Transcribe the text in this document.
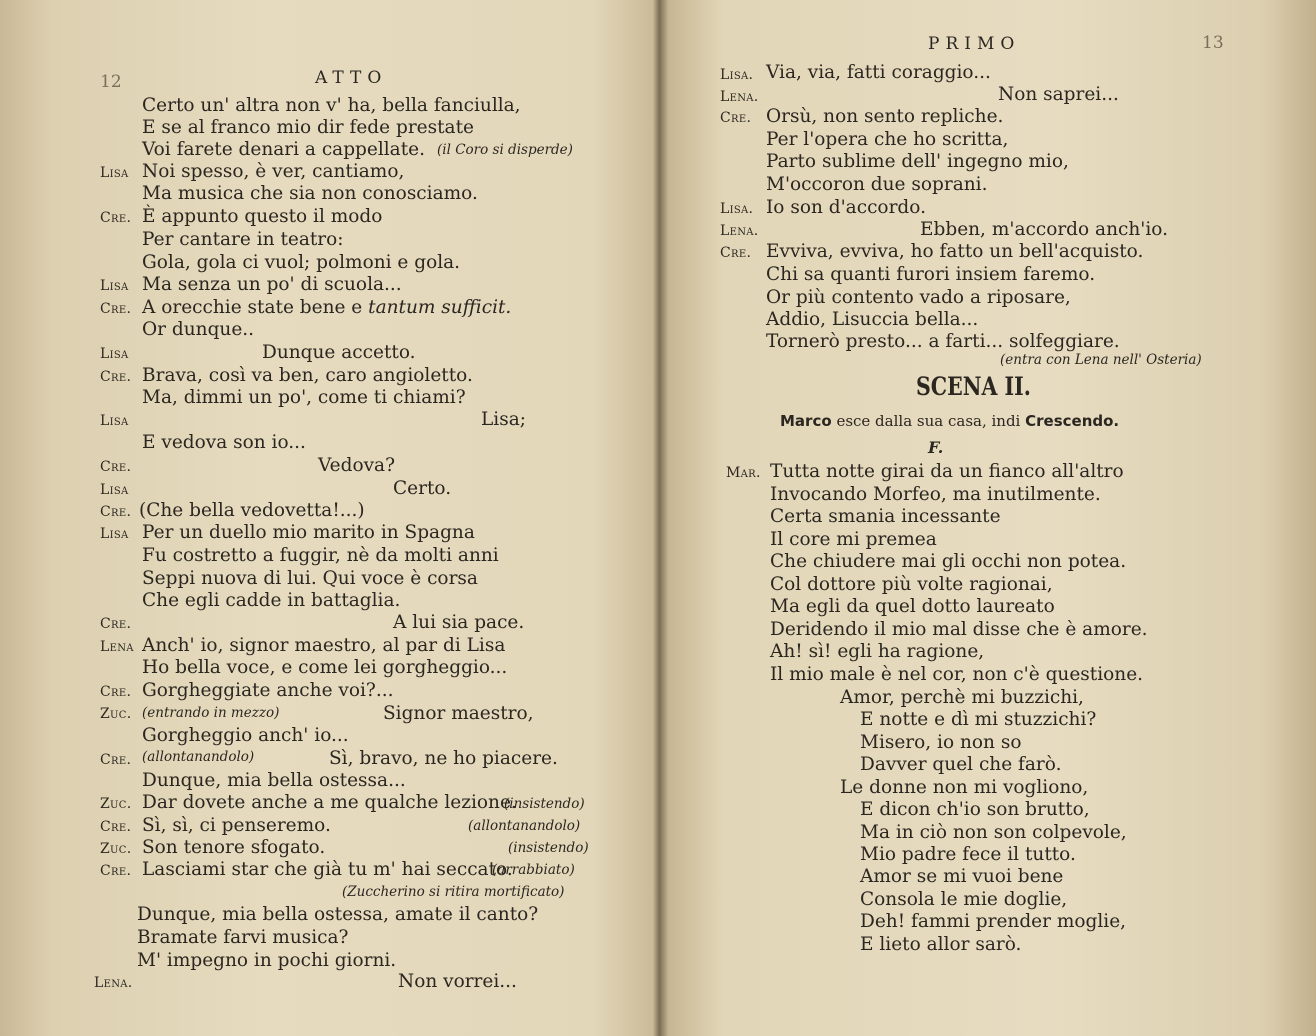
12	ATTO
Certo un' altra non v' ha, bella fanciulla,
E se al franco mio dir fede prestate
Voi farete denari a cappellate. (il Coro si disperde)
Lisa Noi spesso, è ver, cantiamo,
Ma musica che sia non conosciamo.
Cre. È appunto questo il modo
Per cantare in teatro:
Gola, gola ci vuol; polmoni e gola.
Lisa Ma senza un po' di scuola...
Cre. A orecchie state bene e tantum sufficit.
Or dunque..
Lisa	Dunque accetto.
Cre. Brava, così va ben, caro angioletto.
Ma, dimmi un po', come ti chiami?
Lisa	Lisa;
E vedova son io...
Cre.	Vedova?
Lisa	Certo.
Cre. (Che bella vedovetta!...)
Lisa Per un duello mio marito in Spagna
Fu costretto a fuggir, nè da molti anni
Seppi nuova di lui. Qui voce è corsa
Che egli cadde in battaglia.
Cre.	A lui sia pace.
Lena Anch' io, signor maestro, al par di Lisa
Ho bella voce, e come lei gorgheggio...
Cre. Gorgheggiate anche voi?...
Zuc. (entrando in mezzo)	Signor maestro,
Gorgheggio anch' io...
Cre. (allontanandolo)	Sì, bravo, ne ho piacere.
Dunque, mia bella ostessa...
Zuc. Dar dovete anche a me qualche lezione.
(insistendo)
Cre. Sì, sì, ci penseremo.	(allontanandolo)
Zuc. Son tenore sfogato.	(insistendo)
Cre. Lasciami star che già tu m' hai seccato.
(arrabbiato)
(Zuccherino si ritira mortificato)
Dunque, mia bella ostessa, amate il canto?
Bramate farvi musica?
M' impegno in pochi giorni.
Lena.	Non vorrei...
PRIMO	13
Lisa. Via, via, fatti coraggio...
Lena.	Non saprei...
Cre. Orsù, non sento repliche.
Per l'opera che ho scritta,
Parto sublime dell' ingegno mio,
M'occoron due soprani.
Lisa. Io son d'accordo.
Lena.	Ebben, m'accordo anch'io.
Cre. Evviva, evviva, ho fatto un bell'acquisto.
Chi sa quanti furori insiem faremo.
Or più contento vado a riposare,
Addio, Lisuccia bella...
Tornerò presto... a farti... solfeggiare.
(entra con Lena nell' Osteria)
SCENA II.
Marco esce dalla sua casa, indi Crescendo.
F.
Mar. Tutta notte girai da un fianco all'altro
Invocando Morfeo, ma inutilmente.
Certa smania incessante
Il core mi premea
Che chiudere mai gli occhi non potea.
Col dottore più volte ragionai,
Ma egli da quel dotto laureato
Deridendo il mio mal disse che è amore.
Ah! sì! egli ha ragione,
Il mio male è nel cor, non c'è questione.
Amor, perchè mi buzzichi,
E notte e dì mi stuzzichi?
Misero, io non so
Davver quel che farò.
Le donne non mi vogliono,
E dicon ch'io son brutto,
Ma in ciò non son colpevole,
Mio padre fece il tutto.
Amor se mi vuoi bene
Consola le mie doglie,
Deh! fammi prender moglie,
E lieto allor sarò.
